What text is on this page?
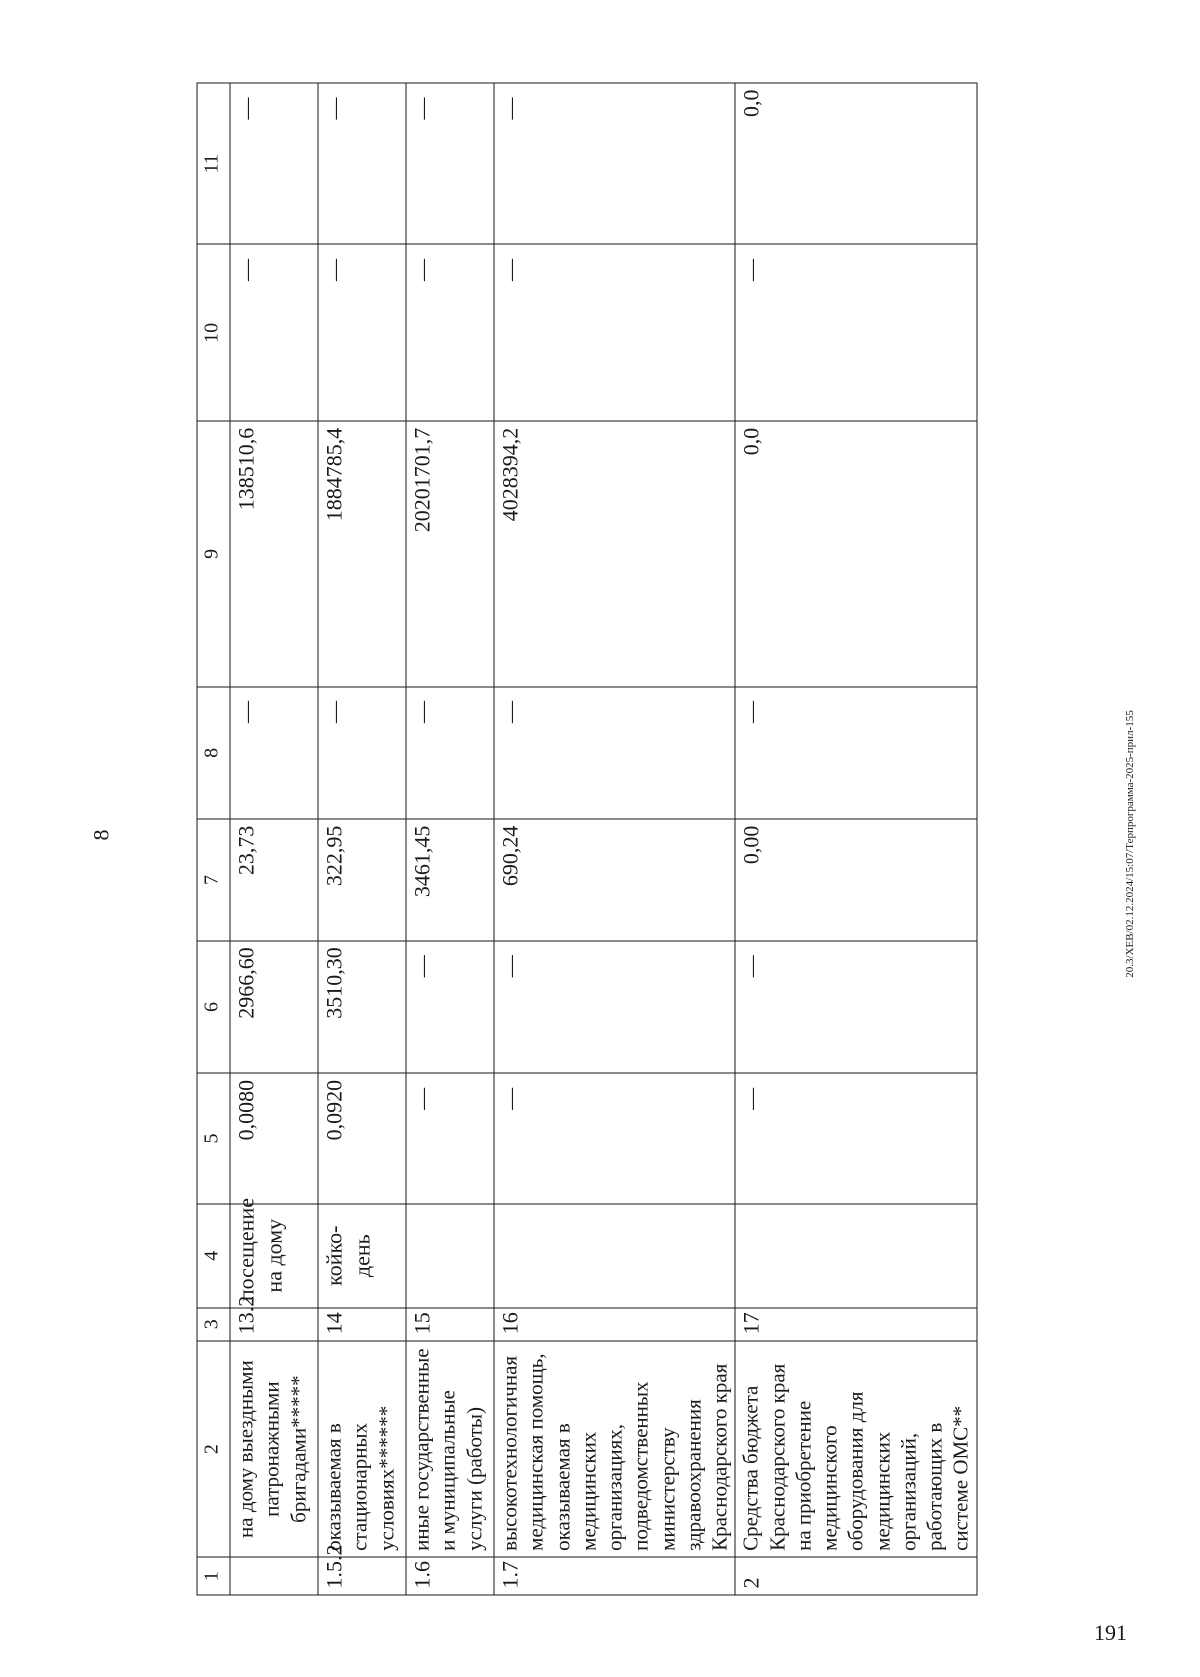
8	20.3/ХЕВ/02.12.2024/15:07/Терпрограмма-2025-прил-155
191
1	2	3	4	5	6	7	8	9	10	11
	на дому выездными патронажными бригадами*****	13.2	посещение на дому	0,0080	2966,60	23,73	—	138510,6	—	—
1.5.2	оказываемая в стационарных условиях******	14	койко-день	0,0920	3510,30	322,95	—	1884785,4	—	—
1.6	иные государственные и муниципальные услуги (работы)	15		—	—	3461,45	—	20201701,7	—	—
1.7	высокотехнологичная медицинская помощь, оказываемая в медицинских организациях, подведомственных министерству здравоохранения Краснодарского края	16		—	—	690,24	—	4028394,2	—	—
2	Средства бюджета Краснодарского края на приобретение медицинского оборудования для медицинских организаций, работающих в системе ОМС**	17		—	—	0,00	—	0,0	—	0,0
